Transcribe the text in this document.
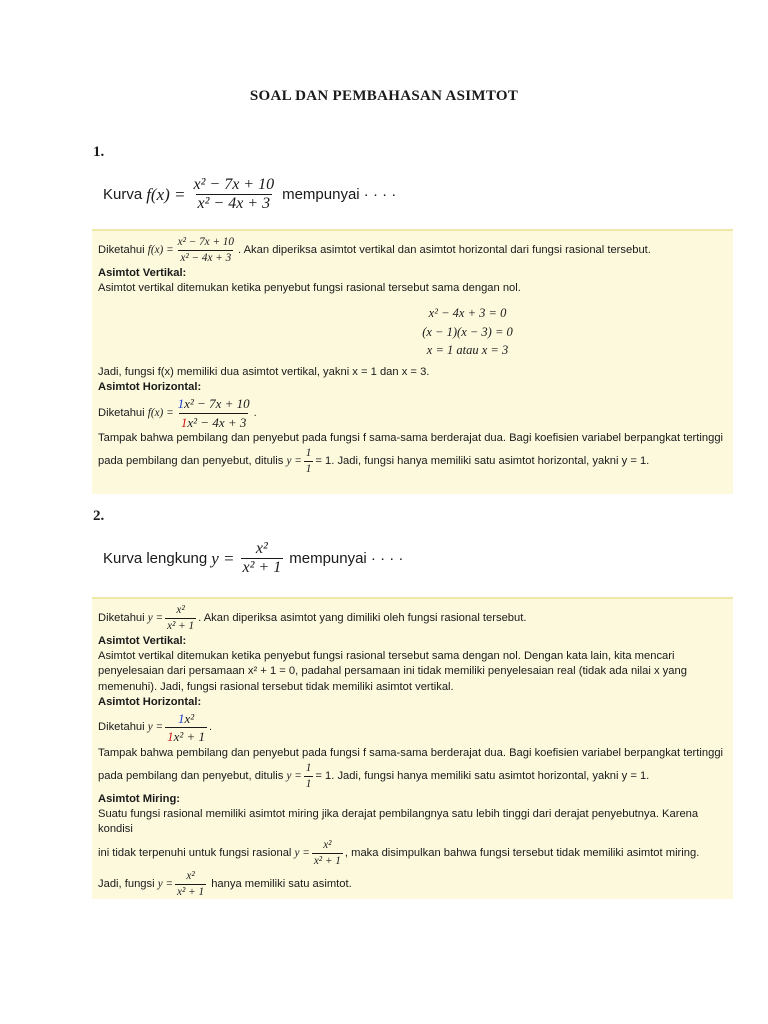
SOAL DAN PEMBAHASAN ASIMTOT
1.
Kurva $f(x) = \frac{\text{x² − 7x + 10}}{\text{x² − 4x + 3}}$ mempunyai · · · ·

Diketahui
$f(x) = \frac{\text{x² − 7x + 10}}{\text{x² − 4x + 3}}$ . Akan diperiksa asimtot vertikal dan asimtot horizontal dari fungsi rasional tersebut.

Asimtot Vertikal:

Asimtot vertikal ditemukan ketika penyebut fungsi rasional tersebut sama dengan nol.

x² − 4x + 3 = 0
(x − 1)(x − 3) = 0
x = 1 atau x = 3

Jadi, fungsi f(x) memiliki dua asimtot vertikal, yakni x = 1 dan x = 3.

Asimtot Horizontal:

Diketahui
$f(x) = \frac{\text{1x² − 7x + 10}}{\text{1x² − 4x + 3}}$ .

Tampak bahwa pembilang dan penyebut pada fungsi f sama-sama berderajat dua. Bagi koefisien variabel berpangkat tertinggi

pada pembilang dan penyebut, ditulis
$y = \frac{1}{1} = 1$. Jadi, fungsi hanya memiliki satu asimtot horizontal, yakni y = 1.

2.
Kurva lengkung $y = \frac{\text{x²}}{\text{x² + 1}}$ mempunyai · · · ·

Diketahui
$y = \frac{\text{x²}}{\text{x² + 1}}$ . Akan diperiksa asimtot yang dimiliki oleh fungsi rasional tersebut.

Asimtot Vertikal:

Asimtot vertikal ditemukan ketika penyebut fungsi rasional tersebut sama dengan nol. Dengan kata lain, kita mencari

penyelesaian dari persamaan x² + 1 = 0, padahal persamaan ini tidak memiliki penyelesaian real (tidak ada nilai x yang

memenuhi). Jadi, fungsi rasional tersebut tidak memiliki asimtot vertikal.

Asimtot Horizontal:

Diketahui
$y = \frac{\text{1x²}}{\text{1x² + 1}}$ .

Tampak bahwa pembilang dan penyebut pada fungsi f sama-sama berderajat dua. Bagi koefisien variabel berpangkat tertinggi

pada pembilang dan penyebut, ditulis
$y = \frac{1}{1} = 1$. Jadi, fungsi hanya memiliki satu asimtot horizontal, yakni y = 1.

Asimtot Miring:

Suatu fungsi rasional memiliki asimtot miring jika derajat pembilangnya satu lebih tinggi dari derajat penyebutnya. Karena kondisi

ini tidak terpenuhi untuk fungsi rasional
$y = \frac{\text{x²}}{\text{x² + 1}}$ , maka disimpulkan bahwa fungsi tersebut tidak memiliki asimtot miring.

Jadi, fungsi
$y = \frac{\text{x²}}{\text{x² + 1}}$
hanya memiliki satu asimtot.
